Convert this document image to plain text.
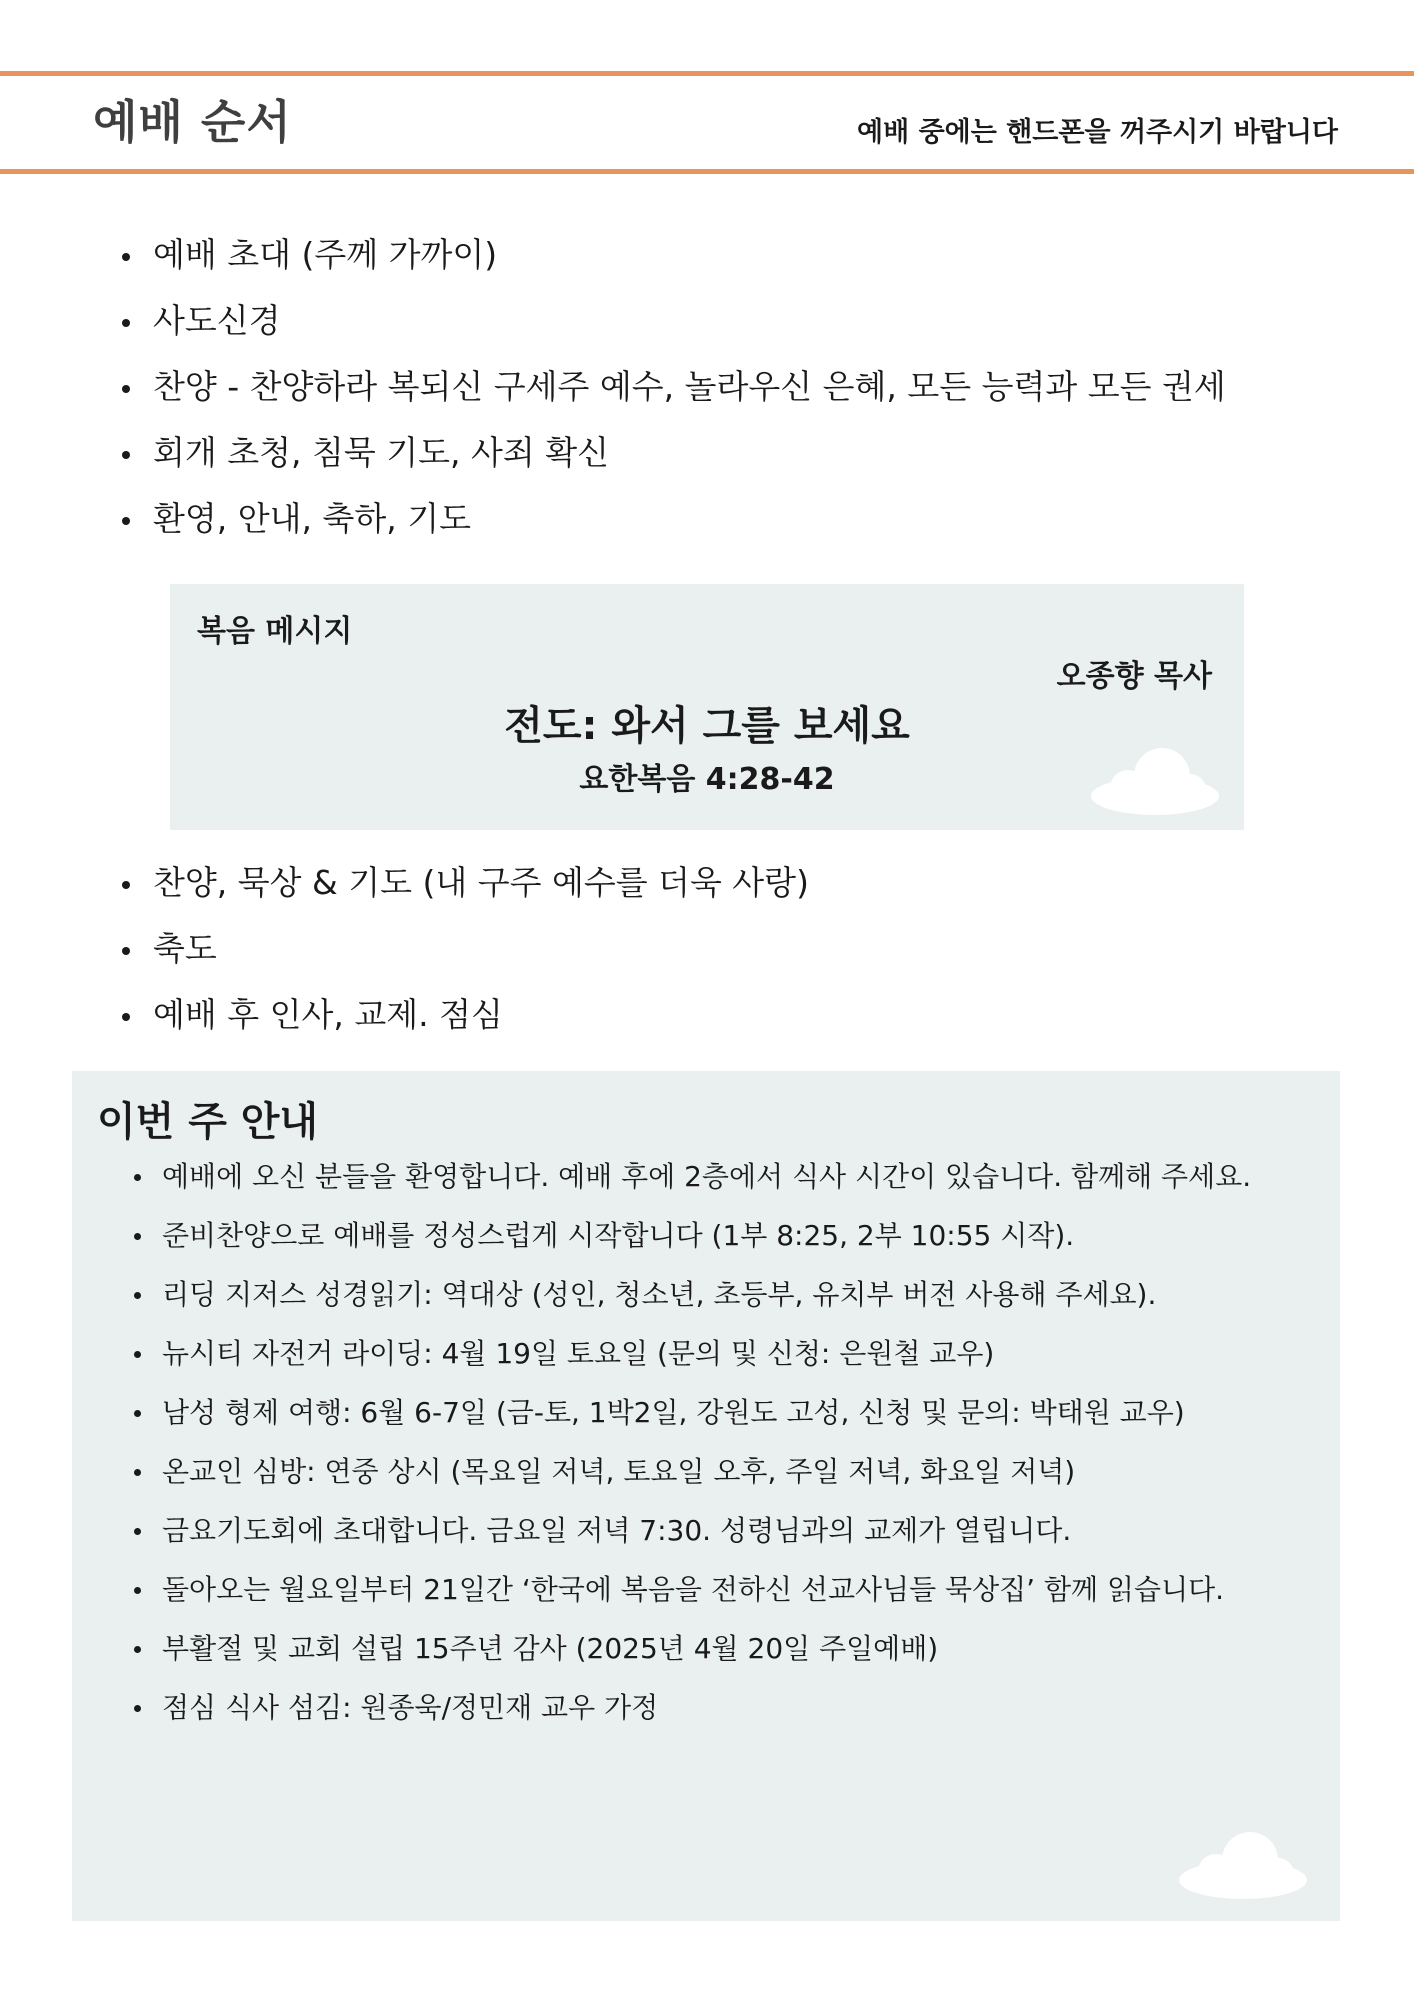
예배 순서	예배 중에는 핸드폰을 꺼주시기 바랍니다
예배 초대 (주께 가까이)
사도신경
찬양 - 찬양하라 복되신 구세주 예수, 놀라우신 은혜, 모든 능력과 모든 권세
회개 초청, 침묵 기도, 사죄 확신
환영, 안내, 축하, 기도
복음 메시지
오종향 목사
전도: 와서 그를 보세요
요한복음 4:28-42
찬양, 묵상 & 기도 (내 구주 예수를 더욱 사랑)
축도
예배 후 인사, 교제. 점심
이번 주 안내
예배에 오신 분들을 환영합니다. 예배 후에 2층에서 식사 시간이 있습니다. 함께해 주세요.
준비찬양으로 예배를 정성스럽게 시작합니다 (1부 8:25, 2부 10:55 시작).
리딩 지저스 성경읽기: 역대상 (성인, 청소년, 초등부, 유치부 버전 사용해 주세요).
뉴시티 자전거 라이딩: 4월 19일 토요일 (문의 및 신청: 은원철 교우)
남성 형제 여행: 6월 6-7일 (금-토, 1박2일, 강원도 고성, 신청 및 문의: 박태원 교우)
온교인 심방: 연중 상시 (목요일 저녁, 토요일 오후, 주일 저녁, 화요일 저녁)
금요기도회에 초대합니다. 금요일 저녁 7:30. 성령님과의 교제가 열립니다.
돌아오는 월요일부터 21일간 ‘한국에 복음을 전하신 선교사님들 묵상집’ 함께 읽습니다.
부활절 및 교회 설립 15주년 감사 (2025년 4월 20일 주일예배)
점심 식사 섬김: 원종욱/정민재 교우 가정
